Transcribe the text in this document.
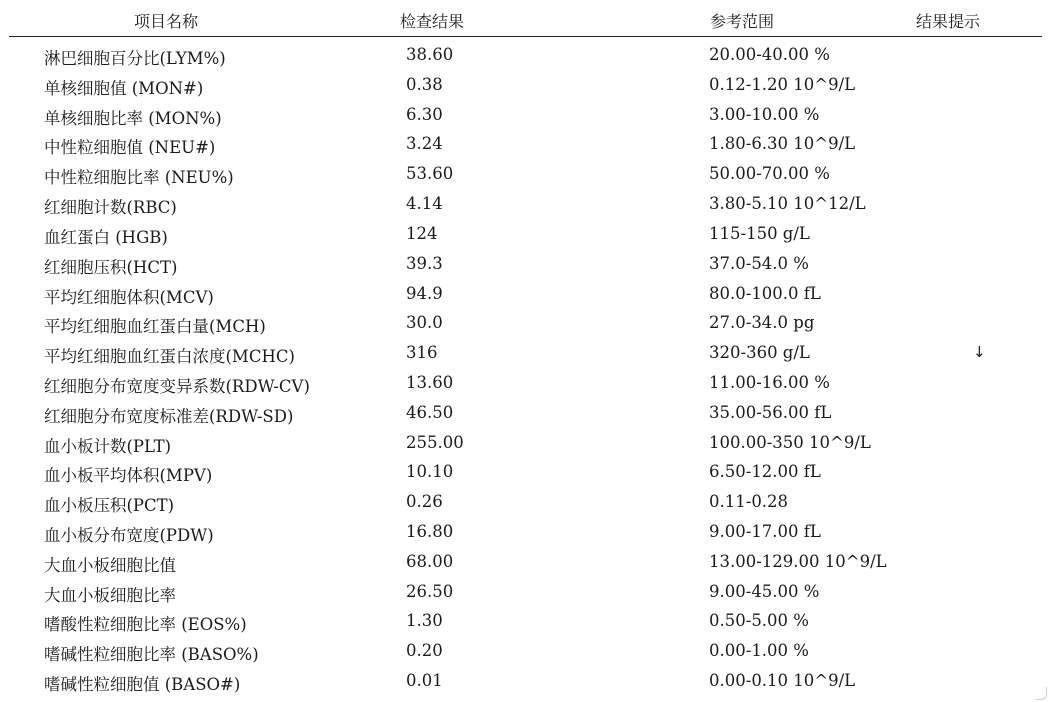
项目名称	检查结果	参考范围	结果提示
淋巴细胞百分比(LYM%)	38.60	20.00-40.00 %
单核细胞值 (MON#)	0.38	0.12-1.20 10^9/L
单核细胞比率 (MON%)	6.30	3.00-10.00 %
中性粒细胞值 (NEU#)	3.24	1.80-6.30 10^9/L
中性粒细胞比率 (NEU%)	53.60	50.00-70.00 %
红细胞计数(RBC)	4.14	3.80-5.10 10^12/L
血红蛋白 (HGB)	124	115-150 g/L
红细胞压积(HCT)	39.3	37.0-54.0 %
平均红细胞体积(MCV)	94.9	80.0-100.0 fL
平均红细胞血红蛋白量(MCH)	30.0	27.0-34.0 pg
平均红细胞血红蛋白浓度(MCHC)	316	320-360 g/L	↓
红细胞分布宽度变异系数(RDW-CV)	13.60	11.00-16.00 %
红细胞分布宽度标准差(RDW-SD)	46.50	35.00-56.00 fL
血小板计数(PLT)	255.00	100.00-350 10^9/L
血小板平均体积(MPV)	10.10	6.50-12.00 fL
血小板压积(PCT)	0.26	0.11-0.28
血小板分布宽度(PDW)	16.80	9.00-17.00 fL
大血小板细胞比值	68.00	13.00-129.00 10^9/L
大血小板细胞比率	26.50	9.00-45.00 %
嗜酸性粒细胞比率 (EOS%)	1.30	0.50-5.00 %
嗜碱性粒细胞比率 (BASO%)	0.20	0.00-1.00 %
嗜碱性粒细胞值 (BASO#)	0.01	0.00-0.10 10^9/L
